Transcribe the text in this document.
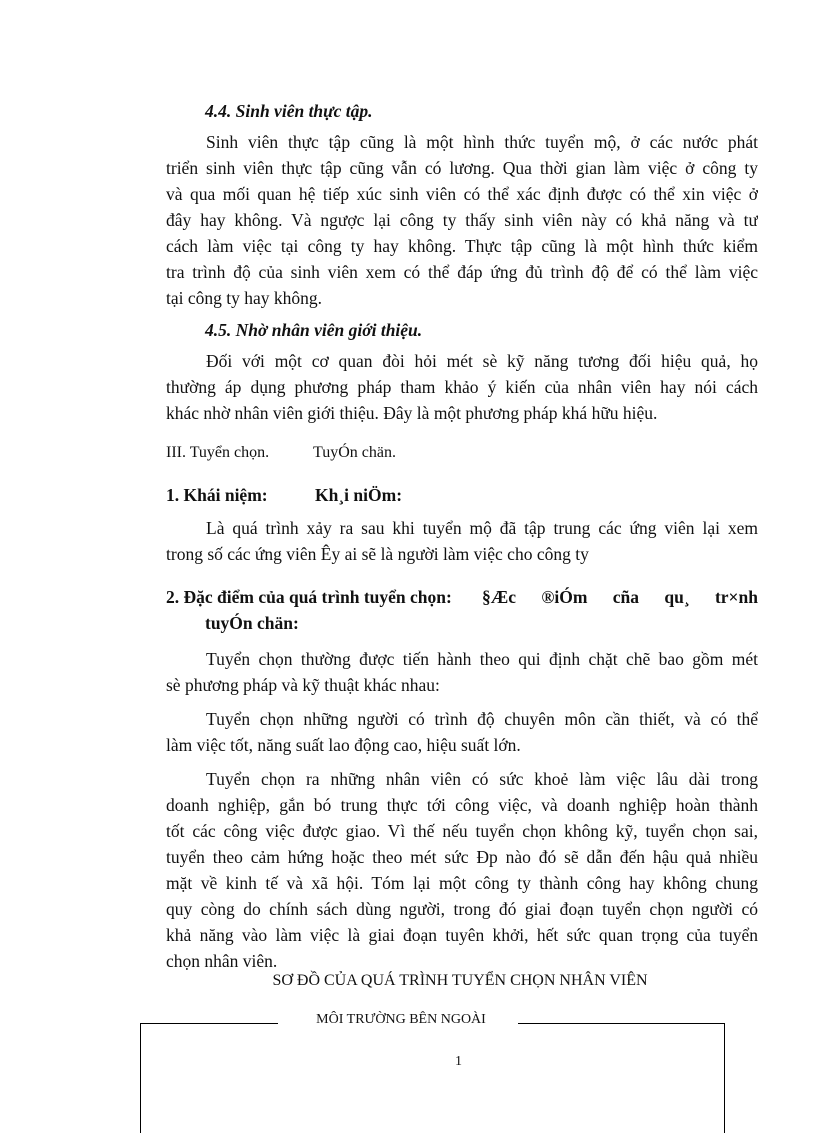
4.4. Sinh viên thực tập.
Sinh viên thực tập cũng là một hình thức tuyển mộ, ở các nước phát
triển sinh viên thực tập cũng vẫn có lương. Qua thời gian làm việc ở công ty
và qua mối quan hệ tiếp xúc sinh viên có thể xác định được có thể xin việc ở
đây hay không. Và ngược lại công ty thấy sinh viên này có khả năng và tư
cách làm việc tại công ty hay không. Thực tập cũng là một hình thức kiểm
tra trình độ của sinh viên xem có thể đáp ứng đủ trình độ để có thể làm việc
tại công ty hay không.
4.5. Nhờ nhân viên giới thiệu.
Đối với một cơ quan đòi hỏi mét sè kỹ năng tương đối hiệu quả, họ
thường áp dụng phương pháp tham khảo ý kiến của nhân viên hay nói cách
khác nhờ nhân viên giới thiệu. Đây là một phương pháp khá hữu hiệu.
III. Tuyển chọn.	TuyÓn chän.
1. Khái niệm:	Kh¸i niÖm:
Là quá trình xảy ra sau khi tuyển mộ đã tập trung các ứng viên lại xem
trong số các ứng viên Êy ai sẽ là người làm việc cho công ty
2. Đặc điểm của quá trình tuyển chọn: §Æc ®iÓm cña qu¸ tr×nh
tuyÓn chän:
Tuyển chọn thường được tiến hành theo qui định chặt chẽ bao gồm mét
sè phương pháp và kỹ thuật khác nhau:
Tuyển chọn những người có trình độ chuyên môn cần thiết, và có thể
làm việc tốt, năng suất lao động cao, hiệu suất lớn.
Tuyển chọn ra những nhân viên có sức khoẻ làm việc lâu dài trong
doanh nghiệp, gắn bó trung thực tới công việc, và doanh nghiệp hoàn thành
tốt các công việc được giao. Vì thế nếu tuyển chọn không kỹ, tuyển chọn sai,
tuyển theo cảm hứng hoặc theo mét sức Ðp nào đó sẽ dẫn đến hậu quả nhiều
mặt về kinh tế và xã hội. Tóm lại một công ty thành công hay không chung
quy còng do chính sách dùng người, trong đó giai đoạn tuyển chọn người có
khả năng vào làm việc là giai đoạn tuyên khởi, hết sức quan trọng của tuyển
chọn nhân viên.
SƠ ĐỒ CỦA QUÁ TRÌNH TUYỂN CHỌN NHÂN VIÊN
MÔI TRƯỜNG BÊN NGOÀI
1
